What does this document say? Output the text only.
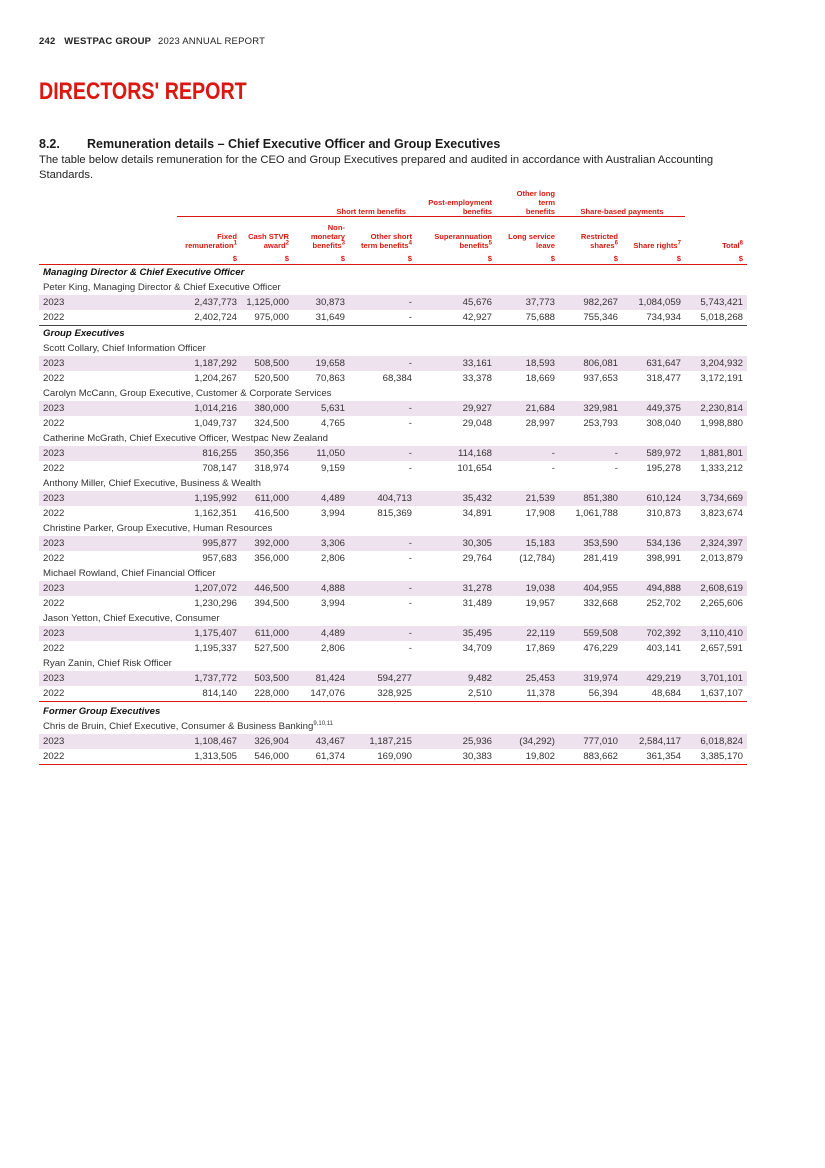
242 WESTPAC GROUP 2023 ANNUAL REPORT
DIRECTORS' REPORT
8.2. Remuneration details – Chief Executive Officer and Group Executives
The table below details remuneration for the CEO and Group Executives prepared and audited in accordance with Australian Accounting Standards.
	Short term benefits				Post-employment benefits	Other long term benefits	Share-based payments		
	Fixed remuneration$^1$	Cash STVR award$^2$	Non-monetary benefits$^3$	Other short term benefits$^4$	Superannuation benefits$^5$	Long service leave	Restricted shares$^6$	Share rights$^7$	Total$^8$
	$	$	$	$	$	$	$	$	$
Managing Director & Chief Executive Officer									
Peter King, Managing Director & Chief Executive Officer									
2023	2,437,773	1,125,000	30,873	-	45,676	37,773	982,267	1,084,059	5,743,421
2022	2,402,724	975,000	31,649	-	42,927	75,688	755,346	734,934	5,018,268
Group Executives									
Scott Collary, Chief Information Officer									
2023	1,187,292	508,500	19,658	-	33,161	18,593	806,081	631,647	3,204,932
2022	1,204,267	520,500	70,863	68,384	33,378	18,669	937,653	318,477	3,172,191
Carolyn McCann, Group Executive, Customer & Corporate Services									
2023	1,014,216	380,000	5,631	-	29,927	21,684	329,981	449,375	2,230,814
2022	1,049,737	324,500	4,765	-	29,048	28,997	253,793	308,040	1,998,880
Catherine McGrath, Chief Executive Officer, Westpac New Zealand									
2023	816,255	350,356	11,050	-	114,168	-	-	589,972	1,881,801
2022	708,147	318,974	9,159	-	101,654	-	-	195,278	1,333,212
Anthony Miller, Chief Executive, Business & Wealth									
2023	1,195,992	611,000	4,489	404,713	35,432	21,539	851,380	610,124	3,734,669
2022	1,162,351	416,500	3,994	815,369	34,891	17,908	1,061,788	310,873	3,823,674
Christine Parker, Group Executive, Human Resources									
2023	995,877	392,000	3,306	-	30,305	15,183	353,590	534,136	2,324,397
2022	957,683	356,000	2,806	-	29,764	(12,784)	281,419	398,991	2,013,879
Michael Rowland, Chief Financial Officer									
2023	1,207,072	446,500	4,888	-	31,278	19,038	404,955	494,888	2,608,619
2022	1,230,296	394,500	3,994	-	31,489	19,957	332,668	252,702	2,265,606
Jason Yetton, Chief Executive, Consumer									
2023	1,175,407	611,000	4,489	-	35,495	22,119	559,508	702,392	3,110,410
2022	1,195,337	527,500	2,806	-	34,709	17,869	476,229	403,141	2,657,591
Ryan Zanin, Chief Risk Officer									
2023	1,737,772	503,500	81,424	594,277	9,482	25,453	319,974	429,219	3,701,101
2022	814,140	228,000	147,076	328,925	2,510	11,378	56,394	48,684	1,637,107
Former Group Executives									
Chris de Bruin, Chief Executive, Consumer & Business Banking$^{9,10,11}$
2023	1,108,467	326,904	43,467	1,187,215	25,936	(34,292)	777,010	2,584,117	6,018,824
2022	1,313,505	546,000	61,374	169,090	30,383	19,802	883,662	361,354	3,385,170
